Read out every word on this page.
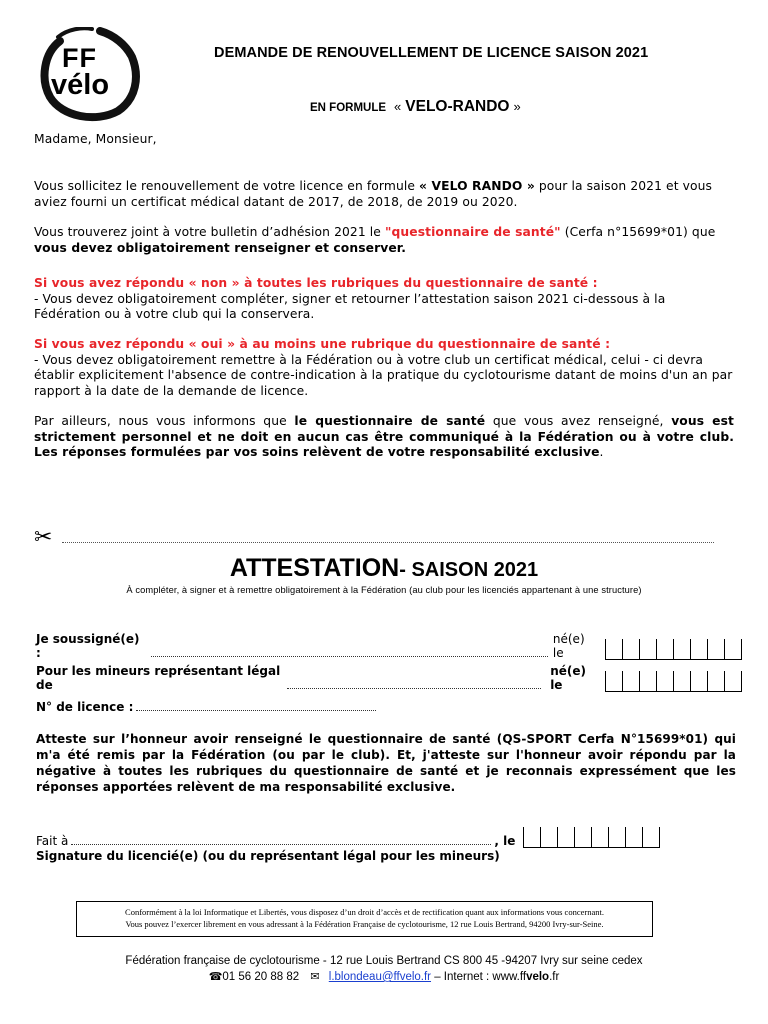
FF
vélo
DEMANDE DE RENOUVELLEMENT DE LICENCE SAISON 2021
EN FORMULE « VELO-RANDO »

Madame, Monsieur,

Vous sollicitez le renouvellement de votre licence en formule « VELO RANDO » pour la saison 2021 et vous aviez fourni un certificat médical datant de 2017, de 2018, de 2019 ou 2020.

Vous trouverez joint à votre bulletin d’adhésion 2021 le "questionnaire de santé" (Cerfa n°15699*01) que vous devez obligatoirement renseigner et conserver.

Si vous avez répondu « non » à toutes les rubriques du questionnaire de santé :
- Vous devez obligatoirement compléter, signer et retourner l’attestation saison 2021 ci-dessous à la Fédération ou à votre club qui la conservera.

Si vous avez répondu « oui » à au moins une rubrique du questionnaire de santé :
- Vous devez obligatoirement remettre à la Fédération ou à votre club un certificat médical, celui - ci devra établir explicitement l'absence de contre-indication à la pratique du cyclotourisme datant de moins d'un an par rapport à la date de la demande de licence.

Par ailleurs, nous vous informons que le questionnaire de santé que vous avez renseigné, vous est strictement personnel et ne doit en aucun cas être communiqué à la Fédération ou à votre club. Les réponses formulées par vos soins relèvent de votre responsabilité exclusive.

✂
ATTESTATION- SAISON 2021
À compléter, à signer et à remettre obligatoirement à la Fédération (au club pour les licenciés appartenant à une structure)
Je soussigné(e) :
né(e) le
Pour les mineurs représentant légal de
né(e) le
N° de licence :

Atteste sur l’honneur avoir renseigné le questionnaire de santé (QS-SPORT Cerfa N°15699*01) qui m'a été remis par la Fédération (ou par le club). Et, j'atteste sur l'honneur avoir répondu par la négative à toutes les rubriques du questionnaire de santé et je reconnais expressément que les réponses apportées relèvent de ma responsabilité exclusive.

Fait à	, le
Signature du licencié(e) (ou du représentant légal pour les mineurs)
Conformément à la loi Informatique et Libertés, vous disposez d’un droit d’accès et de rectification quant aux informations vous concernant.
Vous pouvez l’exercer librement en vous adressant à la Fédération Française de cyclotourisme, 12 rue Louis Bertrand, 94200 Ivry-sur-Seine.
Fédération française de cyclotourisme - 12 rue Louis Bertrand CS 800 45 -94207 Ivry sur seine cedex
☎01 56 20 88 82 ✉ l.blondeau@ffvelo.fr – Internet : www.ffvelo.fr
